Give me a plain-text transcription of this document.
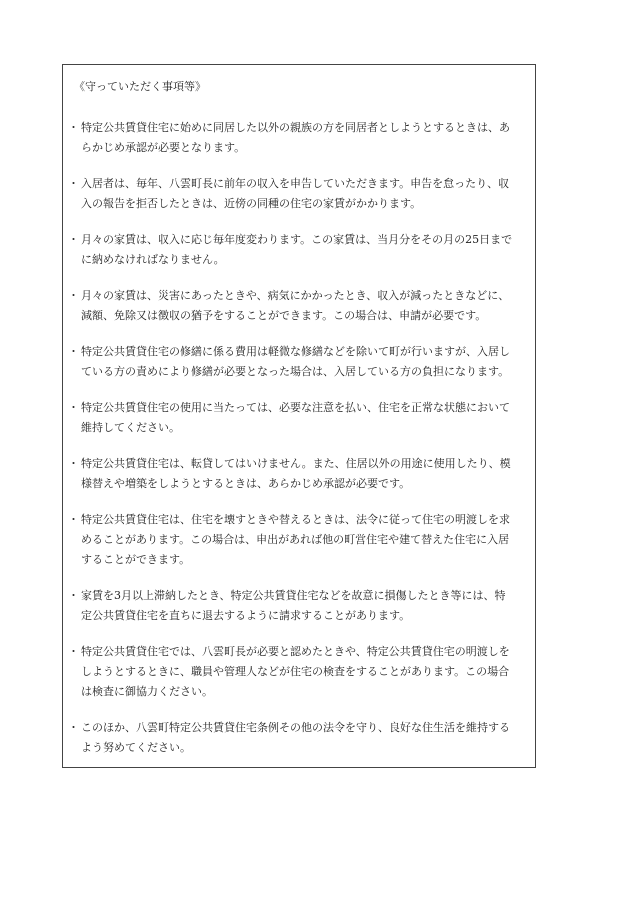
《守っていただく事項等》
・ 特定公共賃貸住宅に始めに同居した以外の親族の方を同居者としようとするときは、あ
らかじめ承認が必要となります。
・ 入居者は、毎年、八雲町長に前年の収入を申告していただきます。申告を怠ったり、収
入の報告を拒否したときは、近傍の同種の住宅の家賃がかかります。
・ 月々の家賃は、収入に応じ毎年度変わります。この家賃は、当月分をその月の25日まで
に納めなければなりません。
・ 月々の家賃は、災害にあったときや、病気にかかったとき、収入が減ったときなどに、
減額、免除又は徴収の猶予をすることができます。この場合は、申請が必要です。
・ 特定公共賃貸住宅の修繕に係る費用は軽微な修繕などを除いて町が行いますが、入居し
ている方の責めにより修繕が必要となった場合は、入居している方の負担になります。
・ 特定公共賃貸住宅の使用に当たっては、必要な注意を払い、住宅を正常な状態において
維持してください。
・ 特定公共賃貸住宅は、転貸してはいけません。また、住居以外の用途に使用したり、模
様替えや増築をしようとするときは、あらかじめ承認が必要です。
・ 特定公共賃貸住宅は、住宅を壊すときや替えるときは、法令に従って住宅の明渡しを求
めることがあります。この場合は、申出があれば他の町営住宅や建て替えた住宅に入居
することができます。
・ 家賃を3月以上滞納したとき、特定公共賃貸住宅などを故意に損傷したとき等には、特
定公共賃貸住宅を直ちに退去するように請求することがあります。
・ 特定公共賃貸住宅では、八雲町長が必要と認めたときや、特定公共賃貸住宅の明渡しを
しようとするときに、職員や管理人などが住宅の検査をすることがあります。この場合
は検査に御協力ください。
・ このほか、八雲町特定公共賃貸住宅条例その他の法令を守り、良好な住生活を維持する
よう努めてください。
